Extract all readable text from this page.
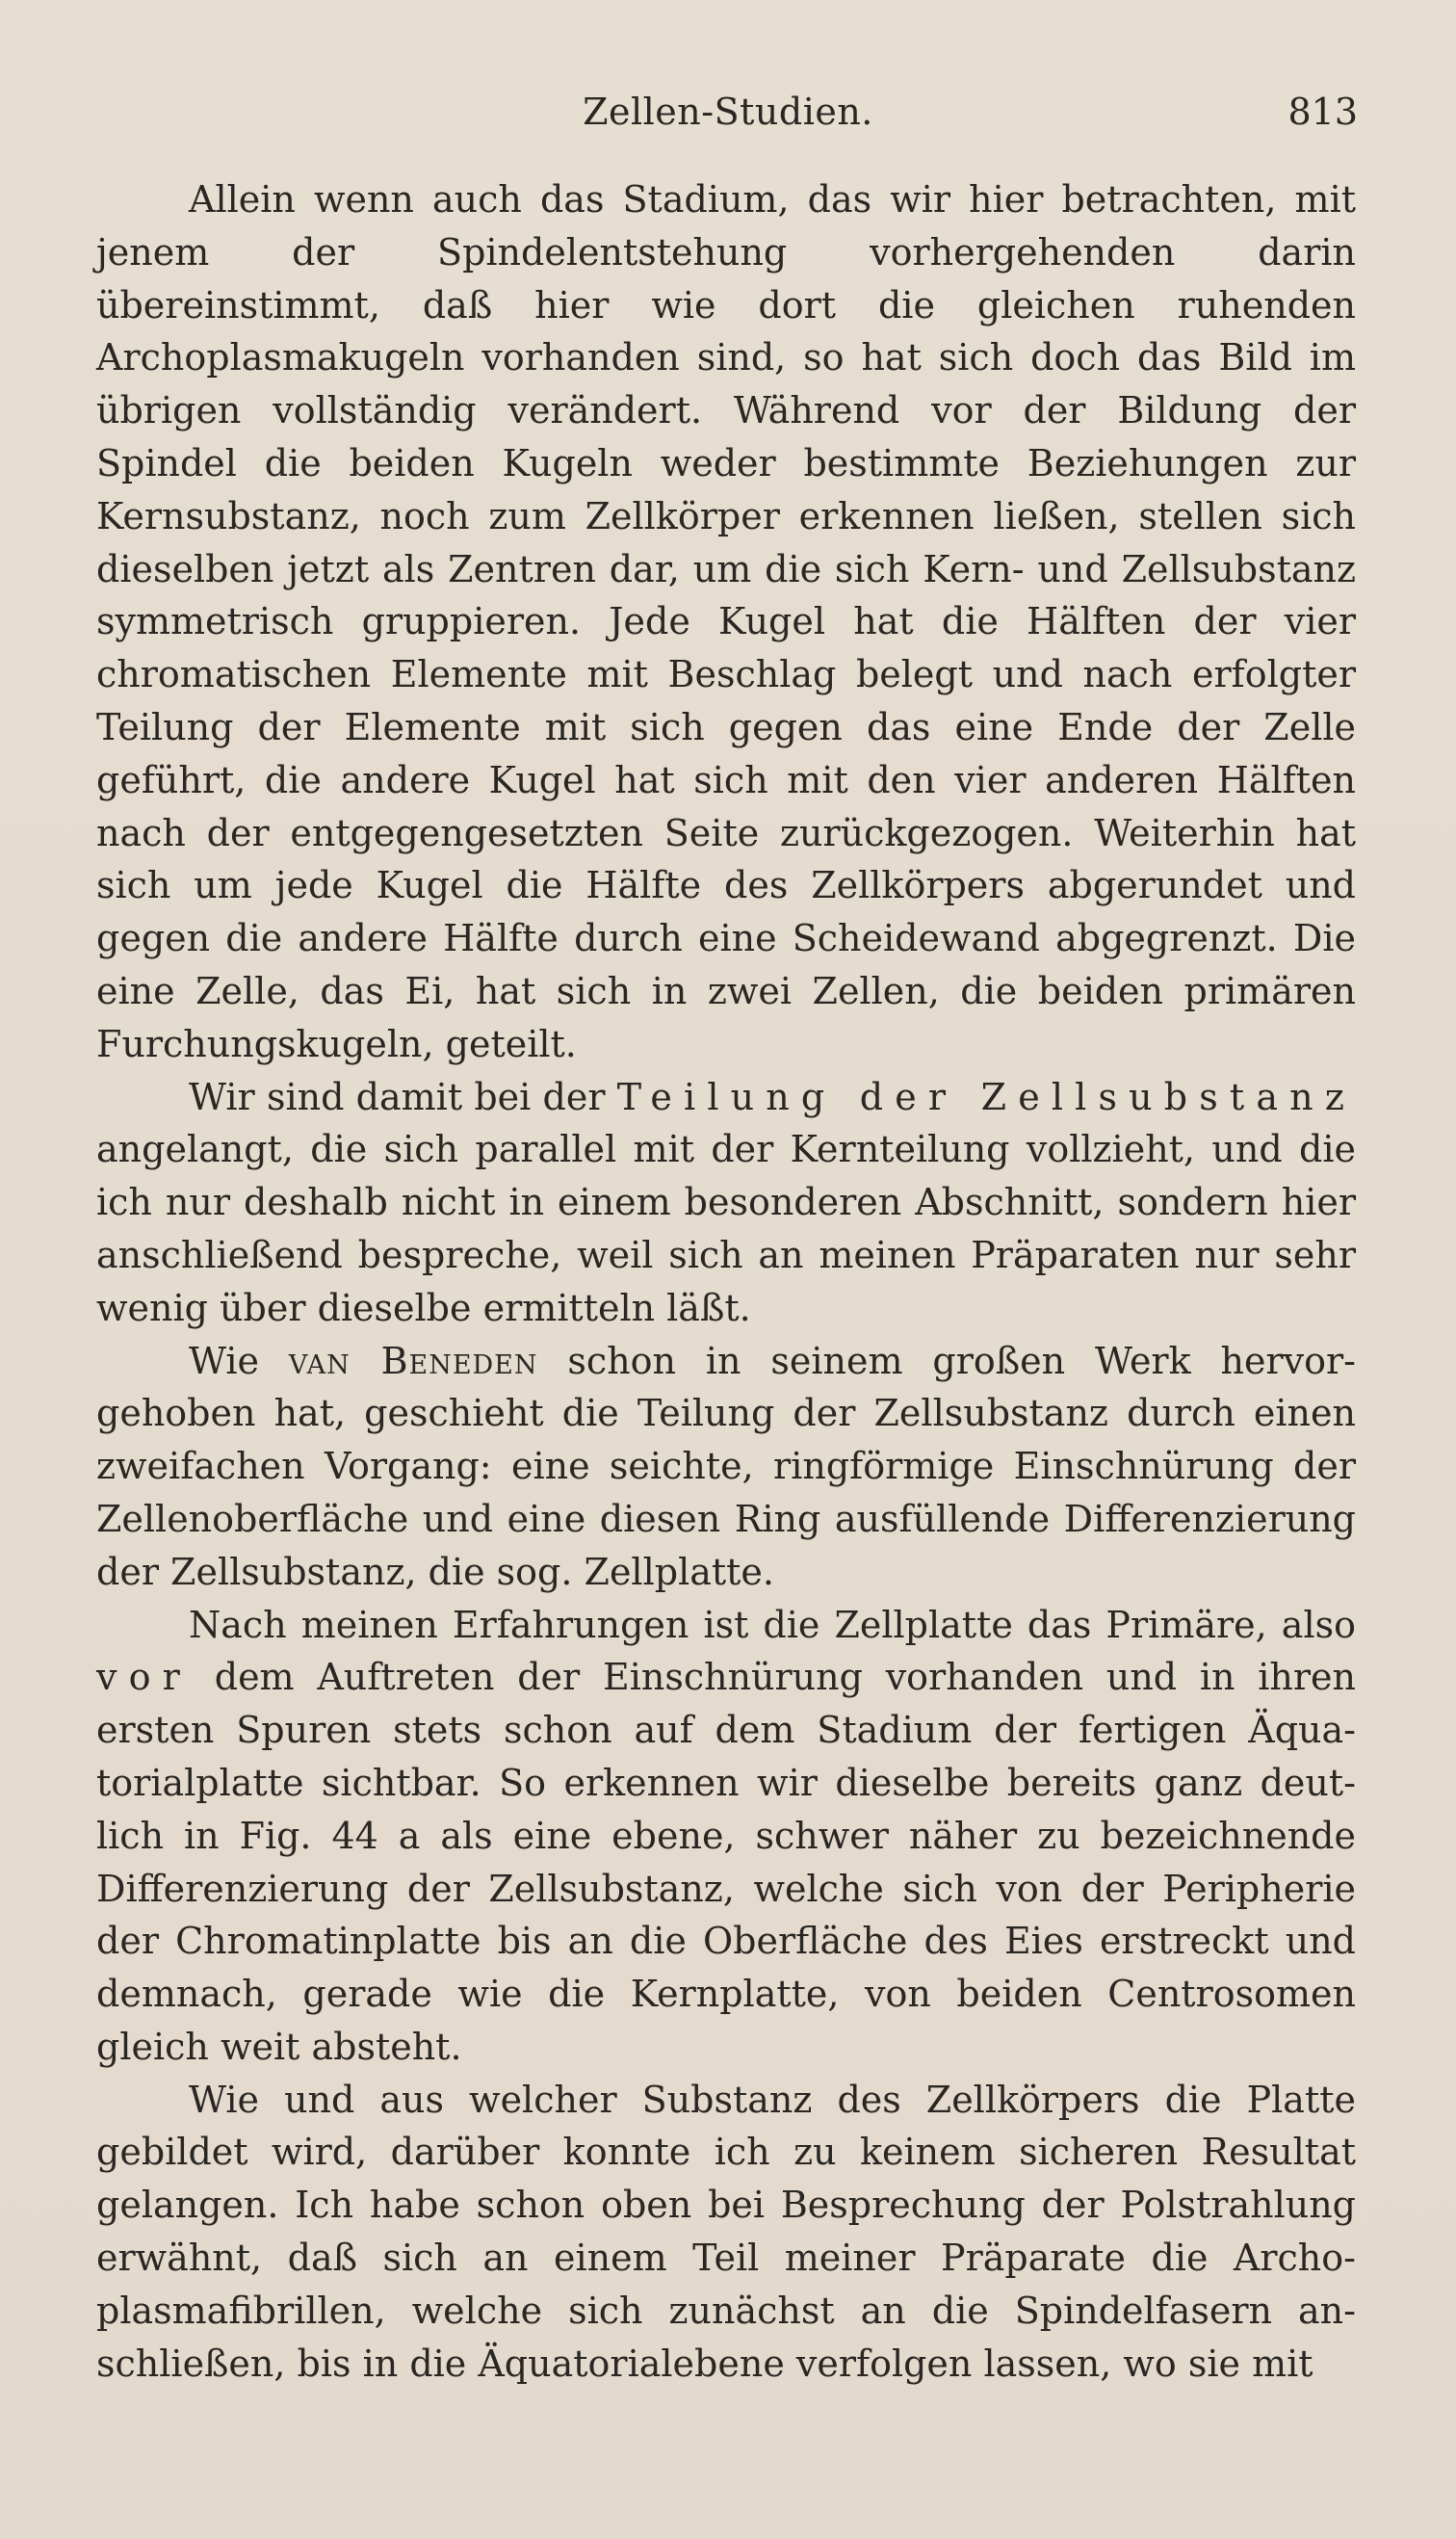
Zellen-Studien.	813

Allein wenn auch das Stadium, das wir hier betrachten, mit jenem der Spindelentstehung vorhergehenden darin übereinstimmt, daß hier wie dort die gleichen ruhenden Archoplasmakugeln vorhanden sind, so hat sich doch das Bild im übrigen vollständig verändert. Während vor der Bildung der Spindel die beiden Kugeln weder bestimmte Beziehungen zur Kernsubstanz, noch zum Zellkörper erkennen ließen, stellen sich dieselben jetzt als Zentren dar, um die sich Kern- und Zellsubstanz symmetrisch gruppieren. Jede Kugel hat die Hälften der vier chromatischen Elemente mit Beschlag belegt und nach erfolgter Teilung der Elemente mit sich gegen das eine Ende der Zelle geführt, die andere Kugel hat sich mit den vier anderen Hälften nach der entgegengesetzten Seite zurückgezogen. Weiterhin hat sich um jede Kugel die Hälfte des Zellkörpers abgerundet und gegen die andere Hälfte durch eine Scheidewand abgegrenzt. Die eine Zelle, das Ei, hat sich in zwei Zellen, die beiden primären Furchungskugeln, geteilt.

Wir sind damit bei der Teilung der Zellsubstanz angelangt, die sich parallel mit der Kernteilung vollzieht, und die ich nur deshalb nicht in einem besonderen Abschnitt, sondern hier anschließend bespreche, weil sich an meinen Präparaten nur sehr wenig über dieselbe ermitteln läßt.

Wie van Beneden schon in seinem großen Werk hervorgehoben hat, geschieht die Teilung der Zellsubstanz durch einen zweifachen Vorgang: eine seichte, ringförmige Einschnürung der Zellenoberfläche und eine diesen Ring ausfüllende Differenzierung der Zellsubstanz, die sog. Zellplatte.

Nach meinen Erfahrungen ist die Zellplatte das Primäre, also vor dem Auftreten der Einschnürung vorhanden und in ihren ersten Spuren stets schon auf dem Stadium der fertigen Äquatorialplatte sichtbar. So erkennen wir dieselbe bereits ganz deutlich in Fig. 44 a als eine ebene, schwer näher zu bezeichnende Differenzierung der Zellsubstanz, welche sich von der Peripherie der Chromatinplatte bis an die Oberfläche des Eies erstreckt und demnach, gerade wie die Kernplatte, von beiden Centrosomen gleich weit absteht.

Wie und aus welcher Substanz des Zellkörpers die Platte gebildet wird, darüber konnte ich zu keinem sicheren Resultat gelangen. Ich habe schon oben bei Besprechung der Polstrahlung erwähnt, daß sich an einem Teil meiner Präparate die Archoplasmafibrillen, welche sich zunächst an die Spindelfasern anschließen, bis in die Äquatorialebene verfolgen lassen, wo sie mit
